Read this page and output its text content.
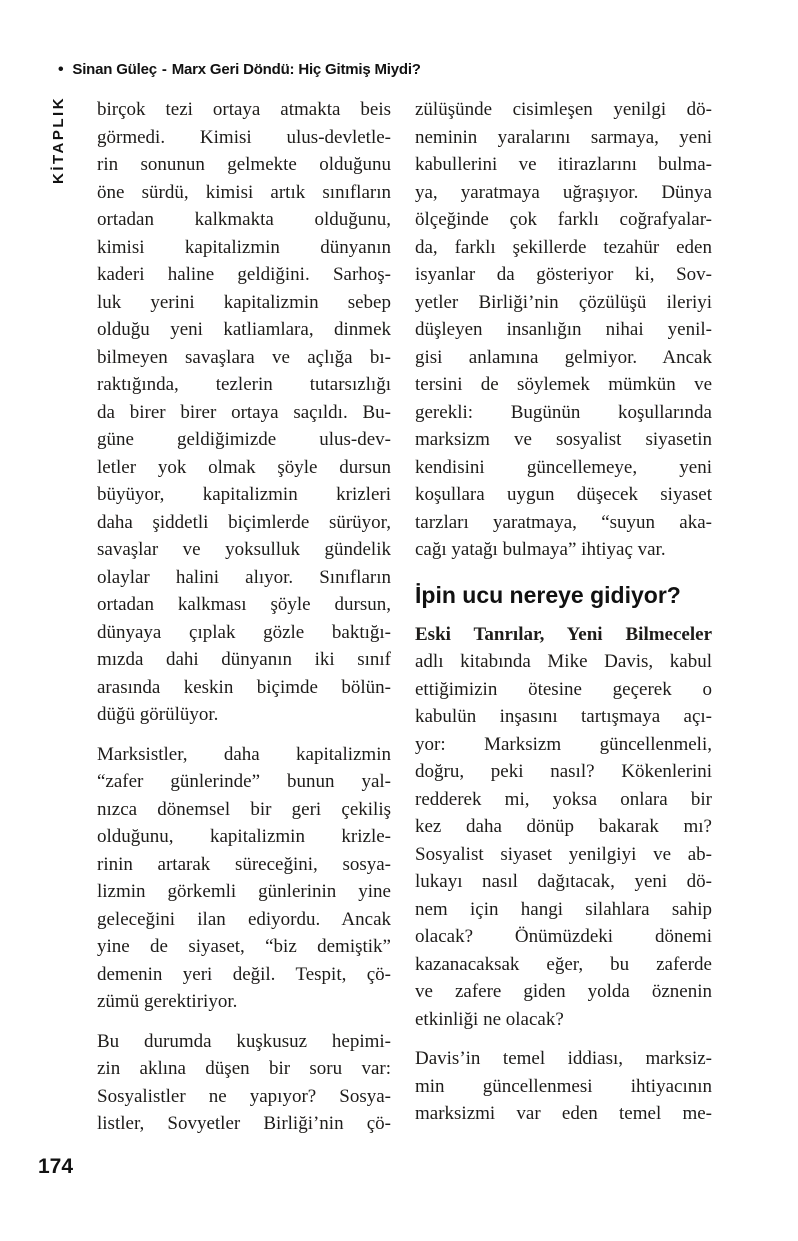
• Sinan Güleç - Marx Geri Döndü: Hiç Gitmiş Miydi?
KİTAPLIK birçok tezi ortaya atmakta beis
görmedi. Kimisi ulus-devletle-
rin sonunun gelmekte olduğunu
öne sürdü, kimisi artık sınıfların
ortadan kalkmakta olduğunu,
kimisi kapitalizmin dünyanın
kaderi haline geldiğini. Sarhoş-
luk yerini kapitalizmin sebep
olduğu yeni katliamlara, dinmek
bilmeyen savaşlara ve açlığa bı-
raktığında, tezlerin tutarsızlığı
da birer birer ortaya saçıldı. Bu-
güne geldiğimizde ulus-dev-
letler yok olmak şöyle dursun
büyüyor, kapitalizmin krizleri
daha şiddetli biçimlerde sürüyor,
savaşlar ve yoksulluk gündelik
olaylar halini alıyor. Sınıfların
ortadan kalkması şöyle dursun,
dünyaya çıplak gözle baktığı-
mızda dahi dünyanın iki sınıf
arasında keskin biçimde bölün-
düğü görülüyor.
Marksistler, daha kapitalizmin
“zafer günlerinde” bunun yal-
nızca dönemsel bir geri çekiliş
olduğunu, kapitalizmin krizle-
rinin artarak süreceğini, sosya-
lizmin görkemli günlerinin yine
geleceğini ilan ediyordu. Ancak
yine de siyaset, “biz demiştik”
demenin yeri değil. Tespit, çö-
zümü gerektiriyor.
Bu durumda kuşkusuz hepimi-
zin aklına düşen bir soru var:
Sosyalistler ne yapıyor? Sosya-
listler, Sovyetler Birliği’nin çö-
zülüşünde cisimleşen yenilgi dö-
neminin yaralarını sarmaya, yeni
kabullerini ve itirazlarını bulma-
ya, yaratmaya uğraşıyor. Dünya
ölçeğinde çok farklı coğrafyalar-
da, farklı şekillerde tezahür eden
isyanlar da gösteriyor ki, Sov-
yetler Birliği’nin çözülüşü ileriyi
düşleyen insanlığın nihai yenil-
gisi anlamına gelmiyor. Ancak
tersini de söylemek mümkün ve
gerekli: Bugünün koşullarında
marksizm ve sosyalist siyasetin
kendisini güncellemeye, yeni
koşullara uygun düşecek siyaset
tarzları yaratmaya, “suyun aka-
cağı yatağı bulmaya” ihtiyaç var.
İpin ucu nereye gidiyor?
Eski Tanrılar, Yeni Bilmeceler
adlı kitabında Mike Davis, kabul
ettiğimizin ötesine geçerek o
kabulün inşasını tartışmaya açı-
yor: Marksizm güncellenmeli,
doğru, peki nasıl? Kökenlerini
redderek mi, yoksa onlara bir
kez daha dönüp bakarak mı?
Sosyalist siyaset yenilgiyi ve ab-
lukayı nasıl dağıtacak, yeni dö-
nem için hangi silahlara sahip
olacak? Önümüzdeki dönemi
kazanacaksak eğer, bu zaferde
ve zafere giden yolda öznenin
etkinliği ne olacak?
Davis’in temel iddiası, marksiz-
min güncellenmesi ihtiyacının
marksizmi var eden temel me-
174
